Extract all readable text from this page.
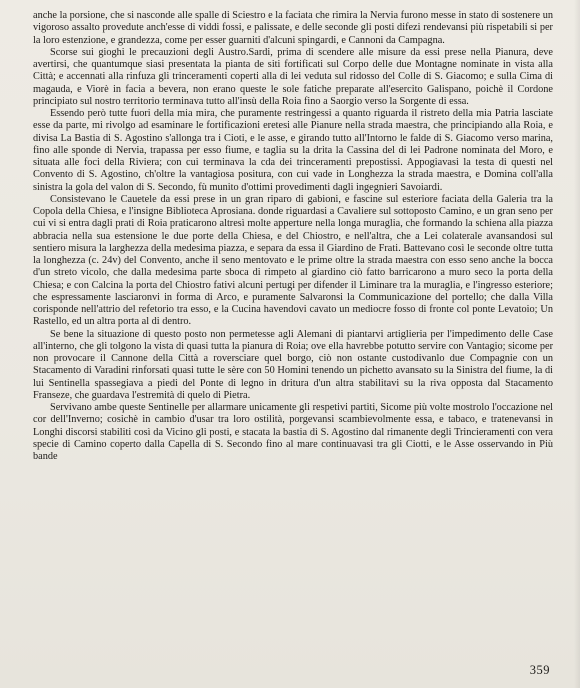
anche la porsione, che si nasconde alle spalle di Sciestro e la faciata che rimira la Nervia furono messe in stato di sostenere un vigoroso assalto provedute anch'esse di viddi fossi, e palissate, e delle seconde gli posti difezi rendevansi più rispetabili si per la loro estenzione, e grandezza, come per esser guarniti d'alcuni spingardi, e Cannoni da Campagna.

Scorse sui gioghi le precauzioni degli Austro.Sardi, prima di scendere alle misure da essi prese nella Pianura, deve avertirsi, che quantumque siasi presentata la pianta de siti fortificati sul Corpo delle due Montagne nominate in vista alla Città; e accennati alla rinfuza gli trinceramenti coperti alla di lei veduta sul ridosso del Colle di S. Giacomo; e sulla Cima di magauda, e Viorè in facia a bevera, non erano queste le sole fatiche preparate all'esercito Galispano, poichè il Cordone principiato sul nostro territorio terminava tutto all'insù della Roia fino a Saorgio verso la Sorgente di essa.

Essendo però tutte fuori della mia mira, che puramente restringessi a quanto riguarda il ristreto della mia Patria lasciate esse da parte, mi rivolgo ad esaminare le fortificazioni eretesi alle Pianure nella strada maestra, che principiando alla Roia, e divisa La Bastia di S. Agostino s'allonga tra i Cioti, e le asse, e girando tutto all'Intorno le falde di S. Giacomo verso marina, fino alle sponde di Nervia, trapassa per esso fiume, e taglia su la drita la Cassina del di lei Padrone nominata del Moro, e situata alle foci della Riviera; con cui terminava la cda dei trinceramenti prepostissi. Appogiavasi la testa di questi nel Convento di S. Agostino, ch'oltre la vantagiosa positura, con cui vade in Longhezza la strada maestra, e Domina coll'alla sinistra la gola del valon di S. Secondo, fù munito d'ottimi provedimenti dagli ingegnieri Savoiardi.

Consistevano le Cauetele da essi prese in un gran riparo di gabioni, e fascine sul esteriore faciata della Galeria tra la Copola della Chiesa, e l'insigne Biblioteca Aprosiana. donde riguardasi a Cavaliere sul sottoposto Camino, e un gran seno per cui vi si entra dagli prati di Roia praticarono altresì molte apperture nella longa muraglia, che formando la schiena alla piazza abbracia nella sua estensione le due porte della Chiesa, e del Chiostro, e nell'altra, che a Lei colaterale avansandosi sul sentiero misura la larghezza della medesima piazza, e separa da essa il Giardino de Frati. Battevano così le seconde oltre tutta la longhezza (c. 24v) del Convento, anche il seno mentovato e le prime oltre la strada maestra con esso seno anche la bocca d'un streto vicolo, che dalla medesima parte sboca di rimpeto al giardino ciò fatto barricarono a muro seco la porta della Chiesa; e con Calcina la porta del Chiostro fativi alcuni pertugi per difender il Liminare tra la muraglia, e l'ingresso esteriore; che espressamente lasciaronvi in forma di Arco, e puramente Salvaronsi la Communicazione del portello; che dalla Villa corisponde nell'attrio del refetorio tra esso, e la Cucina havendovi cavato un mediocre fosso di fronte col ponte Levatoio; Un Rastello, ed un altra porta al di dentro.

Se bene la situazione di questo posto non permetesse agli Alemani di piantarvi artiglieria per l'impedimento delle Case all'interno, che gli tolgono la vista di quasi tutta la pianura di Roia; ove ella havrebbe potutto servire con Vantagio; sicome per non provocare il Cannone della Città a roversciare quel borgo, ciò non ostante custodivanlo due Compagnie con un Stacamento di Varadini rinforsati quasi tutte le sère con 50 Homini tenendo un pichetto avansato su la Sinistra del fiume, la di lui Sentinella spassegiava a piedi del Ponte di legno in dritura d'un altra stabilitavi su la riva opposta dal Stacamento Franseze, che guardava l'estremità di quelo di Pietra.

Servivano ambe queste Sentinelle per allarmare unicamente gli respetivi partiti, Sicome più volte mostrolo l'occazione nel cor dell'Inverno; cosichè in cambio d'usar tra loro ostilità, porgevansi scambievolmente essa, e tabaco, e tratenevansi in Longhi discorsi stabiliti così da Vicino gli posti, e stacata la bastia di S. Agostino dal rimanente degli Trincieramenti con vera specie di Camino coperto dalla Capella di S. Secondo fino al mare continuavasi tra gli Ciotti, e le Asse osservando in Più bande

359
